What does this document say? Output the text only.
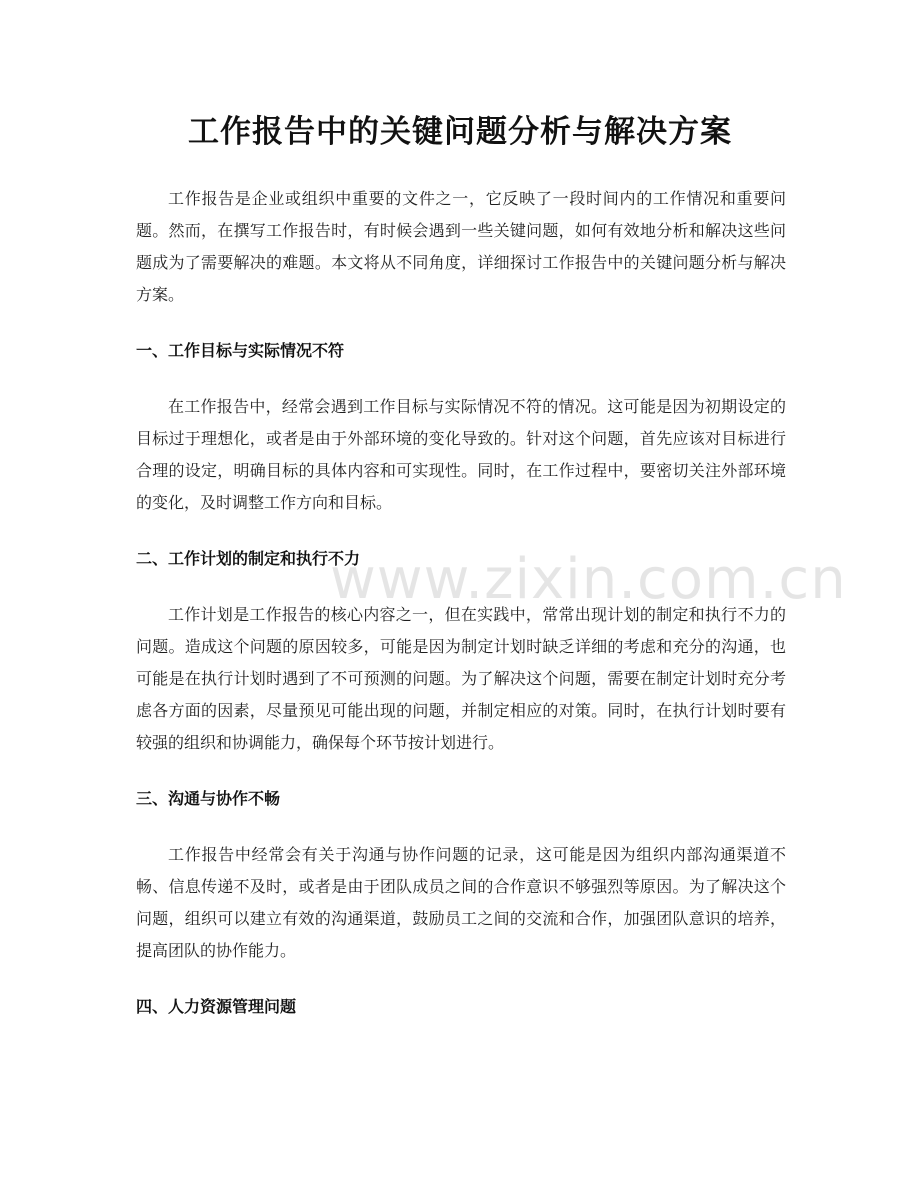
工作报告中的关键问题分析与解决方案

工作报告是企业或组织中重要的文件之一，它反映了一段时间内的工作情况和重要问题。然而，在撰写工作报告时，有时候会遇到一些关键问题，如何有效地分析和解决这些问题成为了需要解决的难题。本文将从不同角度，详细探讨工作报告中的关键问题分析与解决方案。

一、工作目标与实际情况不符

在工作报告中，经常会遇到工作目标与实际情况不符的情况。这可能是因为初期设定的目标过于理想化，或者是由于外部环境的变化导致的。针对这个问题，首先应该对目标进行合理的设定，明确目标的具体内容和可实现性。同时，在工作过程中，要密切关注外部环境的变化，及时调整工作方向和目标。

二、工作计划的制定和执行不力

工作计划是工作报告的核心内容之一，但在实践中，常常出现计划的制定和执行不力的问题。造成这个问题的原因较多，可能是因为制定计划时缺乏详细的考虑和充分的沟通，也可能是在执行计划时遇到了不可预测的问题。为了解决这个问题，需要在制定计划时充分考虑各方面的因素，尽量预见可能出现的问题，并制定相应的对策。同时，在执行计划时要有较强的组织和协调能力，确保每个环节按计划进行。

三、沟通与协作不畅

工作报告中经常会有关于沟通与协作问题的记录，这可能是因为组织内部沟通渠道不畅、信息传递不及时，或者是由于团队成员之间的合作意识不够强烈等原因。为了解决这个问题，组织可以建立有效的沟通渠道，鼓励员工之间的交流和合作，加强团队意识的培养，提高团队的协作能力。

四、人力资源管理问题

www.zixin.com.cn
